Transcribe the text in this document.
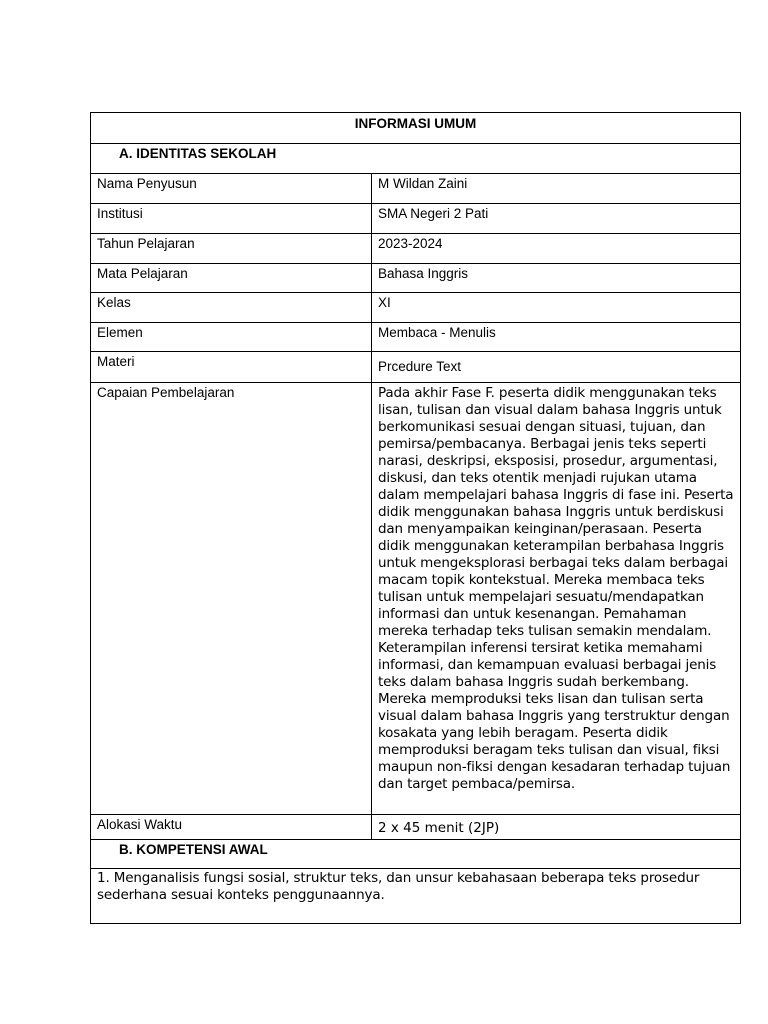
INFORMASI UMUM	
A. IDENTITAS SEKOLAH	
Nama Penyusun	M Wildan Zaini
Institusi	SMA Negeri 2 Pati
Tahun Pelajaran	2023-2024
Mata Pelajaran	Bahasa Inggris
Kelas	XI
Elemen	Membaca - Menulis
Materi	Prcedure Text
Capaian Pembelajaran	Pada akhir Fase F. peserta didik menggunakan teks lisan, tulisan dan visual dalam bahasa Inggris untuk berkomunikasi sesuai dengan situasi, tujuan, dan pemirsa/pembacanya. Berbagai jenis teks seperti narasi, deskripsi, eksposisi, prosedur, argumentasi, diskusi, dan teks otentik menjadi rujukan utama dalam mempelajari bahasa Inggris di fase ini. Peserta didik menggunakan bahasa Inggris untuk berdiskusi dan menyampaikan keinginan/perasaan. Peserta didik menggunakan keterampilan berbahasa Inggris untuk mengeksplorasi berbagai teks dalam berbagai macam topik kontekstual. Mereka membaca teks tulisan untuk mempelajari sesuatu/mendapatkan informasi dan untuk kesenangan. Pemahaman mereka terhadap teks tulisan semakin mendalam. Keterampilan inferensi tersirat ketika memahami informasi, dan kemampuan evaluasi berbagai jenis teks dalam bahasa Inggris sudah berkembang. Mereka memproduksi teks lisan dan tulisan serta visual dalam bahasa Inggris yang terstruktur dengan kosakata yang lebih beragam. Peserta didik memproduksi beragam teks tulisan dan visual, fiksi maupun non-fiksi dengan kesadaran terhadap tujuan dan target pembaca/pemirsa.
Alokasi Waktu	2 x 45 menit (2JP)
B. KOMPETENSI AWAL	
1. Menganalisis fungsi sosial, struktur teks, dan unsur kebahasaan beberapa teks prosedur sederhana sesuai konteks penggunaannya.	
